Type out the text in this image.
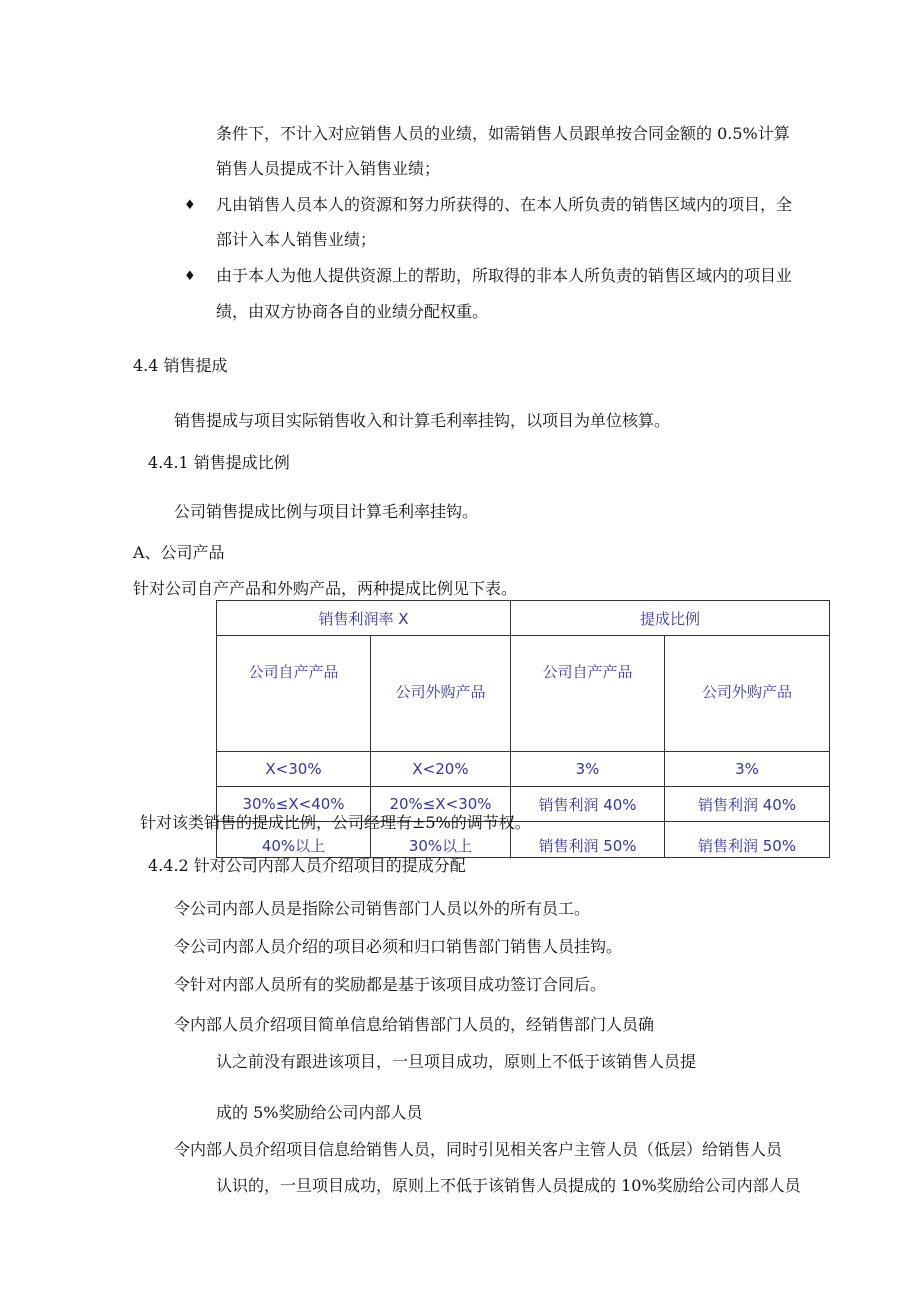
条件下，不计入对应销售人员的业绩，如需销售人员跟单按合同金额的 0.5%计算
销售人员提成不计入销售业绩；
♦ 凡由销售人员本人的资源和努力所获得的、在本人所负责的销售区域内的项目，全
部计入本人销售业绩；
♦ 由于本人为他人提供资源上的帮助，所取得的非本人所负责的销售区域内的项目业
绩，由双方协商各自的业绩分配权重。
4.4 销售提成
销售提成与项目实际销售收入和计算毛利率挂钩，以项目为单位核算。
4.4.1 销售提成比例
公司销售提成比例与项目计算毛利率挂钩。
A、公司产品
针对公司自产产品和外购产品，两种提成比例见下表。
销售利润率 X		提成比例	
公司自产产品	公司外购产品	公司自产产品	公司外购产品
X<30%	X<20%	3%	3%
30%≤X<40%	20%≤X<30%	销售利润 40%	销售利润 40%
40%以上	30%以上	销售利润 50%	销售利润 50%
针对该类销售的提成比例，公司经理有±5%的调节权。
4.4.2 针对公司内部人员介绍项目的提成分配
令公司内部人员是指除公司销售部门人员以外的所有员工。
令公司内部人员介绍的项目必须和归口销售部门销售人员挂钩。
令针对内部人员所有的奖励都是基于该项目成功签订合同后。
令内部人员介绍项目简单信息给销售部门人员的，经销售部门人员确
认之前没有跟进该项目，一旦项目成功，原则上不低于该销售人员提
成的 5%奖励给公司内部人员
令内部人员介绍项目信息给销售人员，同时引见相关客户主管人员（低层）给销售人员
认识的，一旦项目成功，原则上不低于该销售人员提成的 10%奖励给公司内部人员
